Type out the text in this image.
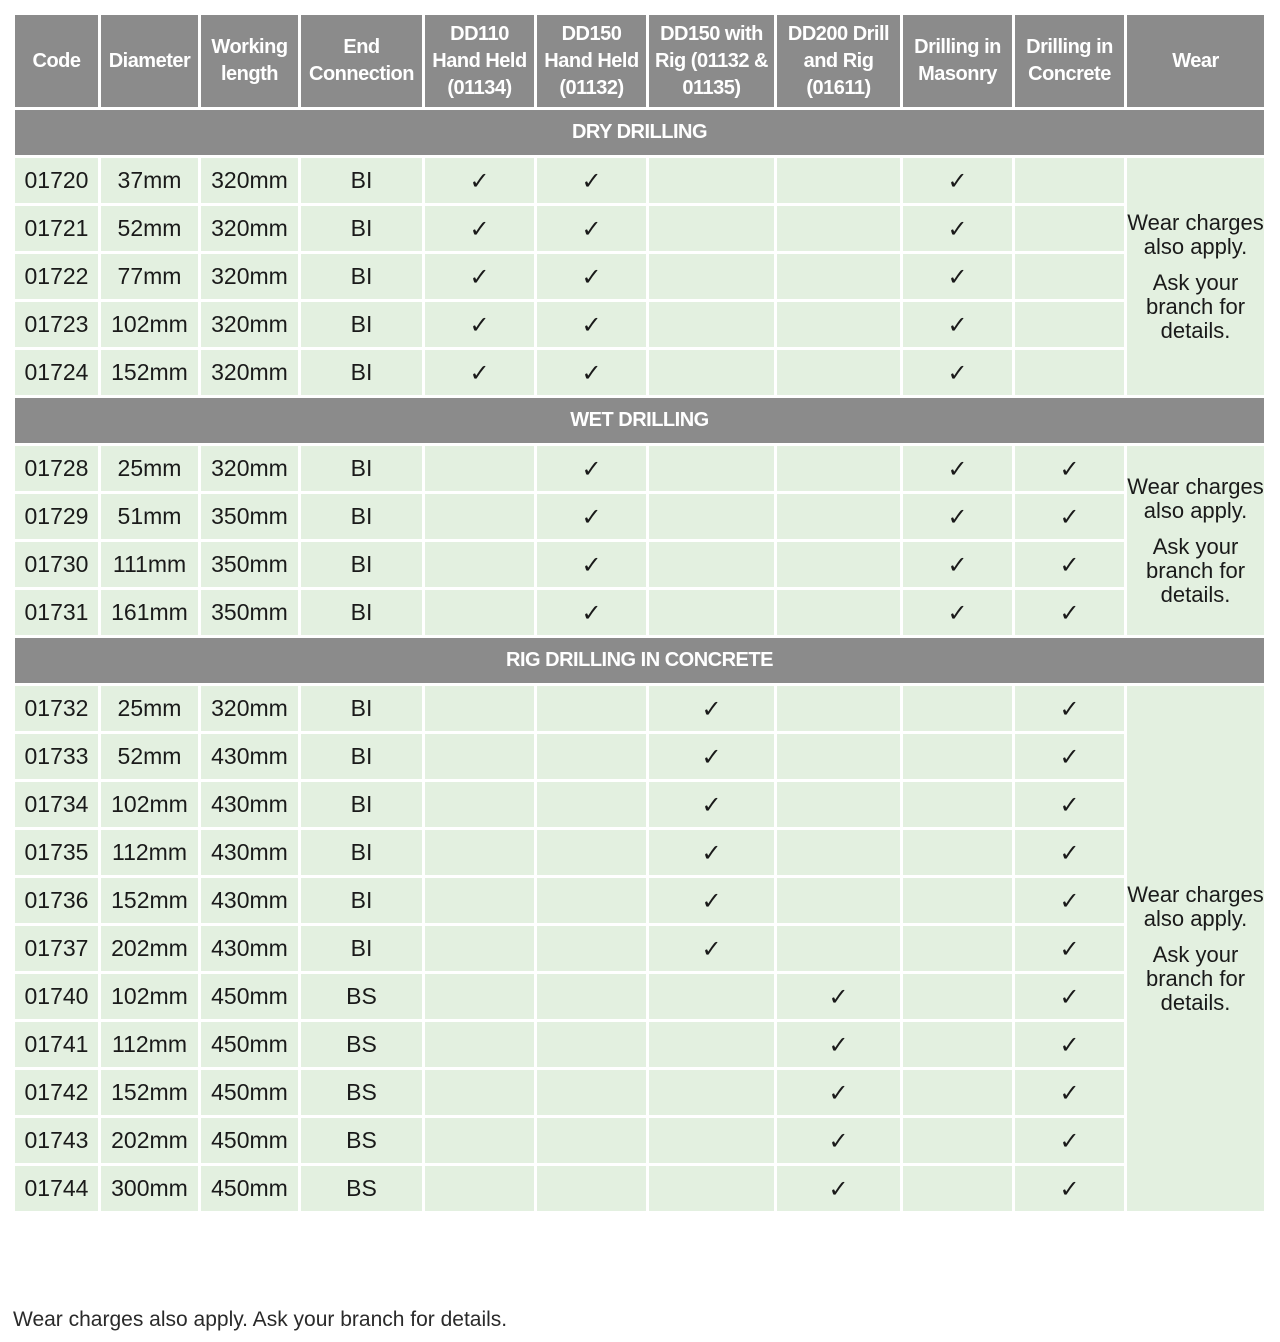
Code	Diameter	Working length	End Connection	DD110 Hand Held (01134)	DD150 Hand Held (01132)	DD150 with Rig (01132 & 01135)	DD200 Drill and Rig (01611)	Drilling in Masonry	Drilling in Concrete	Wear
DRY DRILLING										
01720	37mm	320mm	BI	✓	✓			✓		Wear charges also apply.

Ask your branch for details.

01721	52mm	320mm	BI	✓	✓			✓		
01722	77mm	320mm	BI	✓	✓			✓		
01723	102mm	320mm	BI	✓	✓			✓		
01724	152mm	320mm	BI	✓	✓			✓		
WET DRILLING										
01728	25mm	320mm	BI		✓			✓	✓	Wear charges also apply.

Ask your branch for details.

01729	51mm	350mm	BI		✓			✓	✓	
01730	111mm	350mm	BI		✓			✓	✓	
01731	161mm	350mm	BI		✓			✓	✓	
RIG DRILLING IN CONCRETE										
01732	25mm	320mm	BI			✓			✓	Wear charges also apply.

Ask your branch for details.

01733	52mm	430mm	BI			✓			✓	
01734	102mm	430mm	BI			✓			✓	
01735	112mm	430mm	BI			✓			✓	
01736	152mm	430mm	BI			✓			✓	
01737	202mm	430mm	BI			✓			✓	
01740	102mm	450mm	BS				✓		✓	
01741	112mm	450mm	BS				✓		✓	
01742	152mm	450mm	BS				✓		✓	
01743	202mm	450mm	BS				✓		✓	
01744	300mm	450mm	BS				✓		✓	
Wear charges also apply. Ask your branch for details.
